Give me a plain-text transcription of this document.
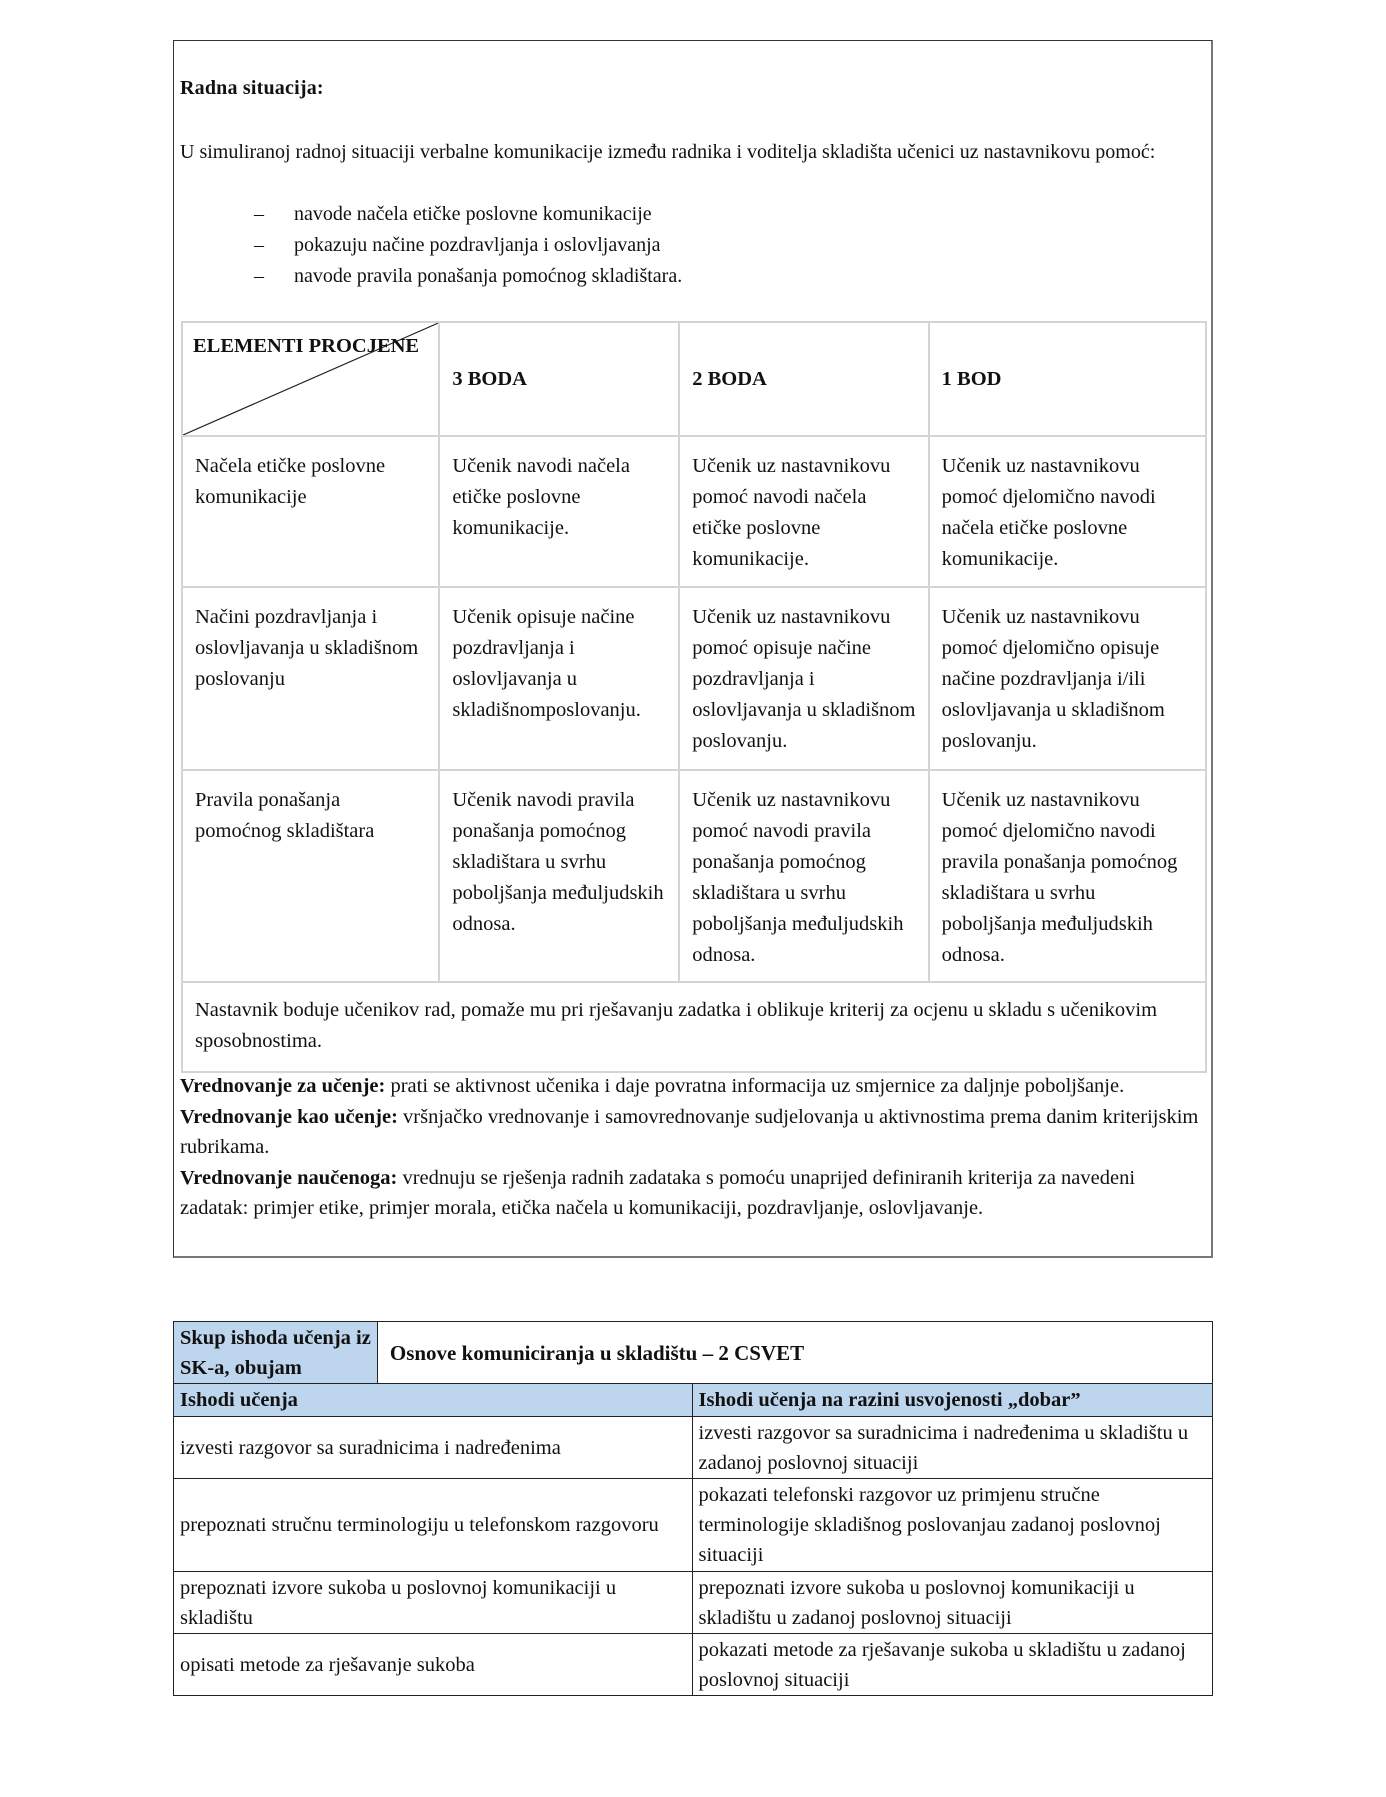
Radna situacija:
U simuliranoj radnoj situaciji verbalne komunikacije između radnika i voditelja skladišta učenici uz nastavnikovu pomoć:
–	navode načela etičke poslovne komunikacije
–	pokazuju načine pozdravljanja i oslovljavanja
–	navode pravila ponašanja pomoćnog skladištara.
ELEMENTI PROCJENE	3 BODA	2 BODA	1 BOD
Načela etičke poslovne komunikacije	Učenik navodi načela etičke poslovne komunikacije.	Učenik uz nastavnikovu pomoć navodi načela etičke poslovne komunikacije.	Učenik uz nastavnikovu pomoć djelomično navodi načela etičke poslovne komunikacije.
Načini pozdravljanja i oslovljavanja u skladišnom poslovanju	Učenik opisuje načine pozdravljanja i oslovljavanja u skladišnomposlovanju.	Učenik uz nastavnikovu pomoć opisuje načine pozdravljanja i oslovljavanja u skladišnom poslovanju.	Učenik uz nastavnikovu pomoć djelomično opisuje načine pozdravljanja i/ili oslovljavanja u skladišnom poslovanju.
Pravila ponašanja pomoćnog skladištara	Učenik navodi pravila ponašanja pomoćnog skladištara u svrhu poboljšanja međuljudskih odnosa.	Učenik uz nastavnikovu pomoć navodi pravila ponašanja pomoćnog skladištara u svrhu poboljšanja međuljudskih odnosa.	Učenik uz nastavnikovu pomoć djelomično navodi pravila ponašanja pomoćnog skladištara u svrhu poboljšanja međuljudskih odnosa.
Nastavnik boduje učenikov rad, pomaže mu pri rješavanju zadatka i oblikuje kriterij za ocjenu u skladu s učenikovim sposobnostima.			

Vrednovanje za učenje: prati se aktivnost učenika i daje povratna informacija uz smjernice za daljnje poboljšanje.

Vrednovanje kao učenje: vršnjačko vrednovanje i samovrednovanje sudjelovanja u aktivnostima prema danim kriterijskim rubrikama.

Vrednovanje naučenoga: vrednuju se rješenja radnih zadataka s pomoću unaprijed definiranih kriterija za navedeni zadatak: primjer etike, primjer morala, etička načela u komunikaciji, pozdravljanje, oslovljavanje.

Skup ishoda učenja iz SK-a, obujam	Osnove komuniciranja u skladištu – 2 CSVET	
Ishodi učenja		Ishodi učenja na razini usvojenosti „dobar”
izvesti razgovor sa suradnicima i nadređenima		izvesti razgovor sa suradnicima i nadređenima u skladištu u zadanoj poslovnoj situaciji
prepoznati stručnu terminologiju u telefonskom razgovoru		pokazati telefonski razgovor uz primjenu stručne terminologije skladišnog poslovanjau zadanoj poslovnoj situaciji
prepoznati izvore sukoba u poslovnoj komunikaciji u skladištu		prepoznati izvore sukoba u poslovnoj komunikaciji u skladištu u zadanoj poslovnoj situaciji
opisati metode za rješavanje sukoba		pokazati metode za rješavanje sukoba u skladištu u zadanoj poslovnoj situaciji
